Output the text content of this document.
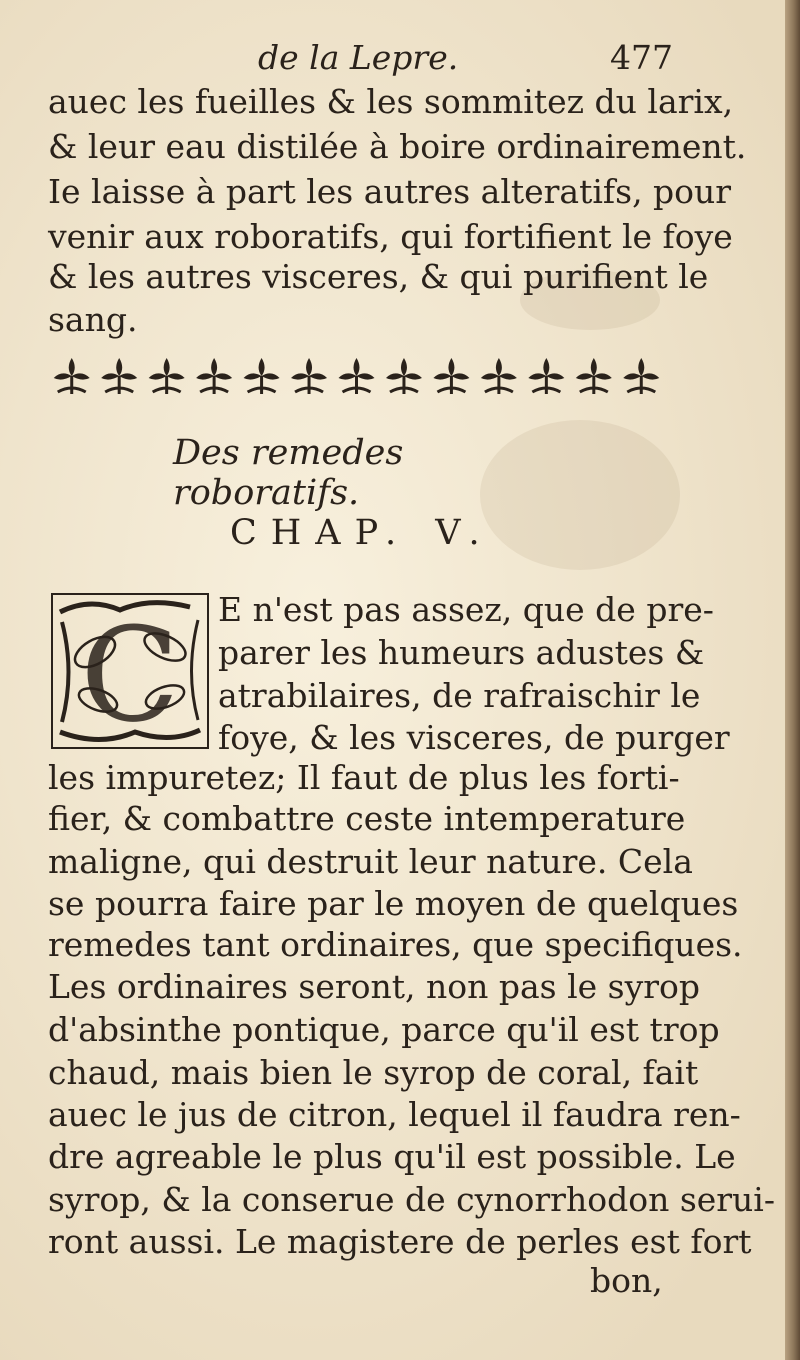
de la Lepre.	477
auec les fueilles & les sommitez du larix,
& leur eau distilée à boire ordinairement.
Ie laisse à part les autres alteratifs, pour
venir aux roboratifs, qui fortifient le foye
& les autres visceres, & qui purifient le
sang.
Des remedes roboratifs.
CHAP. V.
C E n'est pas assez, que de pre-
parer les humeurs adustes &
atrabilaires, de rafraischir le
foye, & les visceres, de purger
les impuretez; Il faut de plus les forti-
fier, & combattre ceste intemperature
maligne, qui destruit leur nature. Cela
se pourra faire par le moyen de quelques
remedes tant ordinaires, que specifiques.
Les ordinaires seront, non pas le syrop
d'absinthe pontique, parce qu'il est trop
chaud, mais bien le syrop de coral, fait
auec le jus de citron, lequel il faudra ren-
dre agreable le plus qu'il est possible. Le
syrop, & la conserue de cynorrhodon serui-
ront aussi. Le magistere de perles est fort
bon,
